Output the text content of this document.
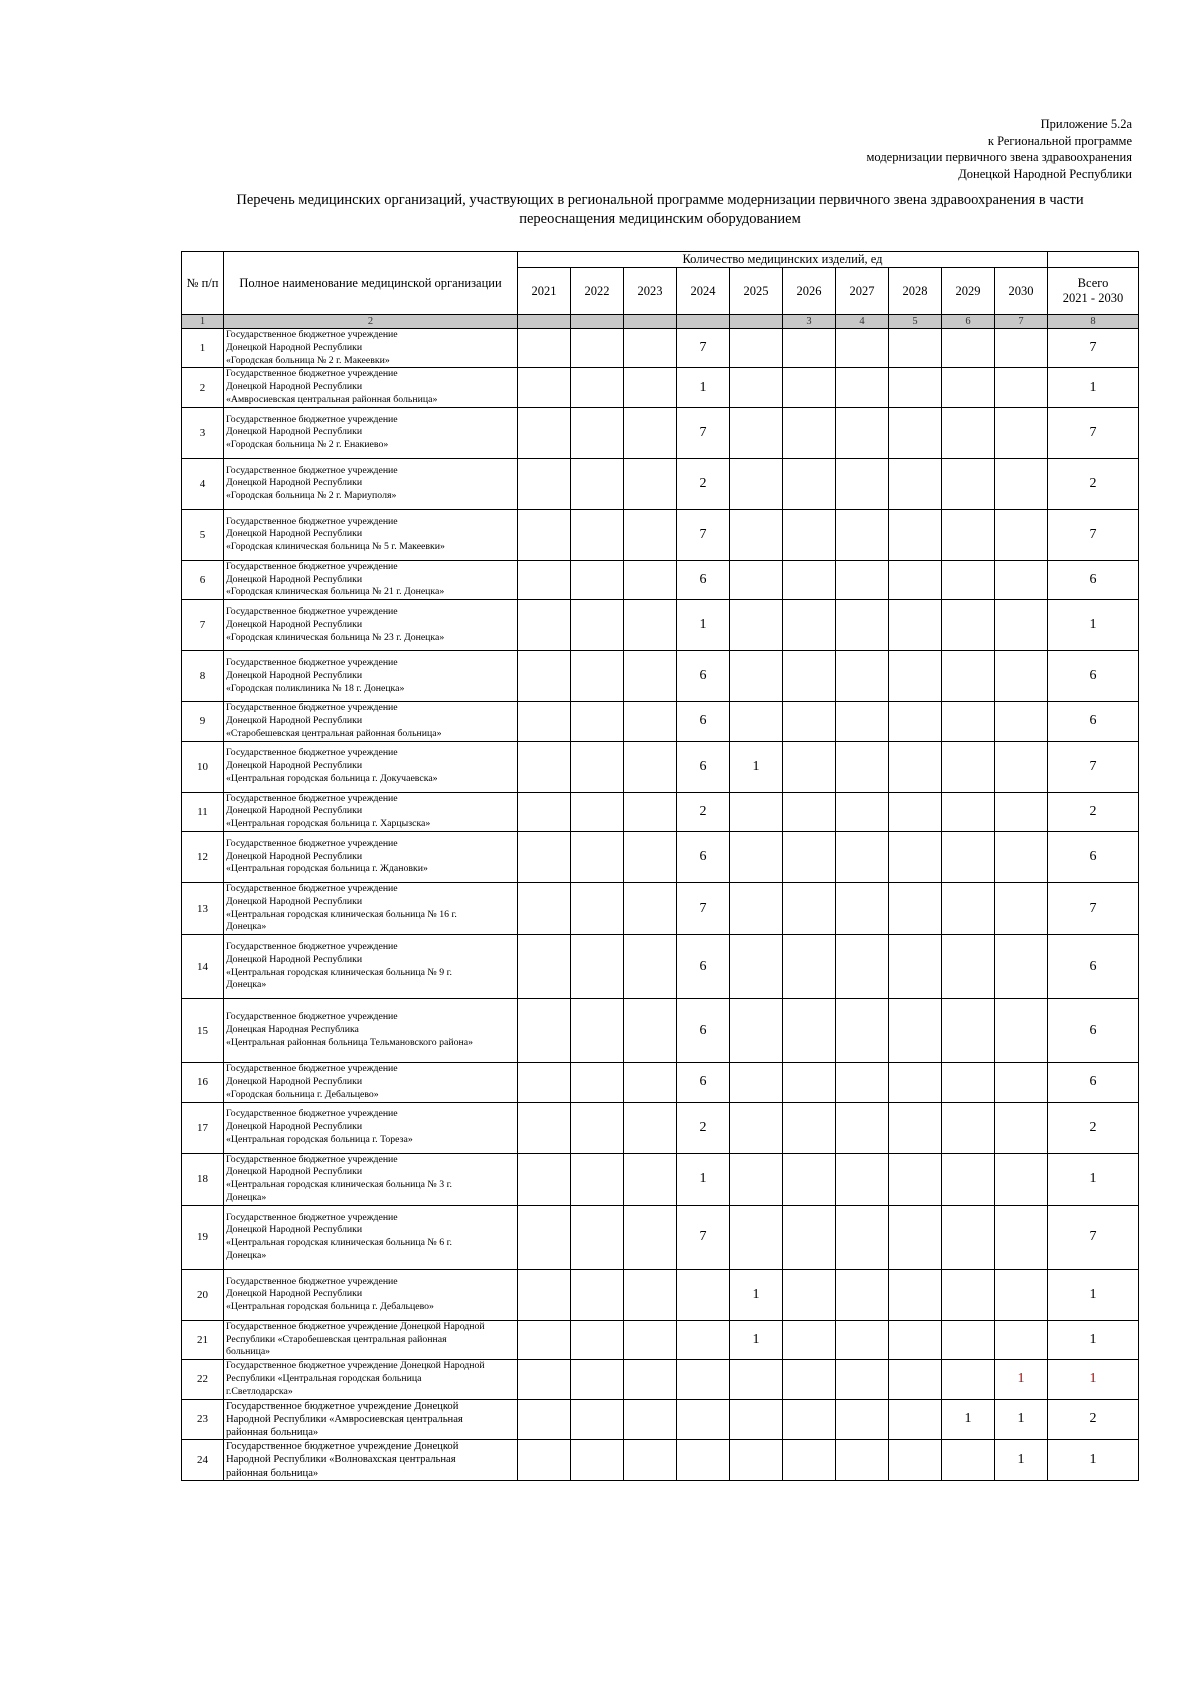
Приложение 5.2а
к Региональной программе
модернизации первичного звена здравоохранения
Донецкой Народной Республики
Перечень медицинских организаций, участвующих в региональной программе модернизации первичного звена здравоохранения в части
переоснащения медицинским оборудованием
№ п/п	Полное наименование медицинской организации	Количество медицинских изделий, ед										
		2021	2022	2023	2024	2025	2026	2027	2028	2029	2030	Всего
2021 - 2030

1	2						3	4	5	6	7	8
1	Государственное бюджетное учреждение
Донецкой Народной Республики
«Городская больница № 2 г. Макеевки»				7							7
2	Государственное бюджетное учреждение
Донецкой Народной Республики
«Амвросиевская центральная районная больница»				1							1
3	Государственное бюджетное учреждение
Донецкой Народной Республики
«Городская больница № 2 г. Енакиево»				7							7
4	Государственное бюджетное учреждение
Донецкой Народной Республики
«Городская больница № 2 г. Мариуполя»				2							2
5	Государственное бюджетное учреждение
Донецкой Народной Республики
«Городская клиническая больница № 5 г. Макеевки»				7							7
6	Государственное бюджетное учреждение
Донецкой Народной Республики
«Городская клиническая больница № 21 г. Донецка»				6							6
7	Государственное бюджетное учреждение
Донецкой Народной Республики
«Городская клиническая больница № 23 г. Донецка»				1							1
8	Государственное бюджетное учреждение
Донецкой Народной Республики
«Городская поликлиника № 18 г. Донецка»				6							6
9	Государственное бюджетное учреждение
Донецкой Народной Республики
«Старобешевская центральная районная больница»				6							6
10	Государственное бюджетное учреждение
Донецкой Народной Республики
«Центральная городская больница г. Докучаевска»				6	1						7
11	Государственное бюджетное учреждение
Донецкой Народной Республики
«Центральная городская больница г. Харцызска»				2							2
12	Государственное бюджетное учреждение
Донецкой Народной Республики
«Центральная городская больница г. Ждановки»				6							6
13	Государственное бюджетное учреждение
Донецкой Народной Республики
«Центральная городская клиническая больница № 16 г.
Донецка»				7							7
14	Государственное бюджетное учреждение
Донецкой Народной Республики
«Центральная городская клиническая больница № 9 г.
Донецка»				6							6
15	Государственное бюджетное учреждение
Донецкая Народная Республика
«Центральная районная больница Тельмановского района»				6							6
16	Государственное бюджетное учреждение
Донецкой Народной Республики
«Городская больница г. Дебальцево»				6							6
17	Государственное бюджетное учреждение
Донецкой Народной Республики
«Центральная городская больница г. Тореза»				2							2
18	Государственное бюджетное учреждение
Донецкой Народной Республики
«Центральная городская клиническая больница № 3 г.
Донецка»				1							1
19	Государственное бюджетное учреждение
Донецкой Народной Республики
«Центральная городская клиническая больница № 6 г.
Донецка»				7							7
20	Государственное бюджетное учреждение
Донецкой Народной Республики
«Центральная городская больница г. Дебальцево»					1						1
21	Государственное бюджетное учреждение Донецкой Народной
Республики «Старобешевская центральная районная
больница»					1						1
22	Государственное бюджетное учреждение Донецкой Народной
Республики «Центральная городская больница
г.Светлодарска»										1	1
23	Государственное бюджетное учреждение Донецкой
Народной Республики «Амвросиевская центральная
районная больница»									1	1	2
24	Государственное бюджетное учреждение Донецкой
Народной Республики «Волновахская центральная
районная больница»										1	1
